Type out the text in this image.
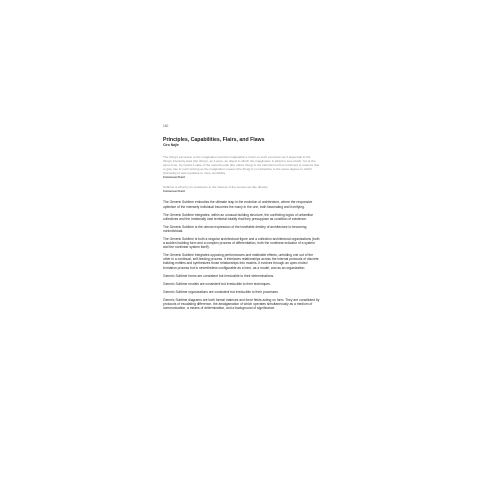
140
Principles, Capabilities, Flairs, and Flaws

Ciro Najle

The thing's excursion to the imagination and the imagination's return to such excursion as if aspectual to the thing's interiority lead (the thing's, as it were, an object in which the imagination is afraid to lose itself). Yet at the same time, for nature's sake of the experimental (the native thing) is not transformed but combined to reasons due to give rise to such striving as the imagination means (the thing) is not attractive to the same degree to which (humanity) it was repulsive to mere sensibility.

Immanuel Kant

Sublime is what by its resistance to the interest of the senses we like directly.

Immanuel Kant

The Generic Sublime embodies the ultimate leap in the evolution of architecture, where the responsive optimism of the intensely individual becomes the many in the one, both fascinating and horrifying.

The Generic Sublime integrates, within an unusual building structure, the conflicting logics of unfamiliar collectives and the irrationally vast territorial totality that they presuppose as condition of existence.

The Generic Sublime is the utmost expression of the inevitable destiny of architecture to becoming nonindividual.

The Generic Sublime is both a singular architectural figure and a collection architectural organizations (both a sudden building form and a complex process of differentiation, both the nonlinear indicator of a system and the nonlinear system itself).

The Generic Sublime integrates opposing performances and malleable effects, unfolding one out of the other in a continual, self-feeding process. It interlaces relationships across the internal protocols of discrete building entities and synthesizes those relationships into models. It evolves through an open-ended formation process but is nevertheless configurable as a form, as a model, and as an organization.

Generic Sublime forms are consistent but irreducible to their determinations.

Generic Sublime models are consistent but irreducible to their techniques.

Generic Sublime organizations are consistent but irreducible to their processes.

Generic Sublime diagrams are both formal matrices and force fields acting on form. They are constituted by protocols of escalating difference, the amalgamation of which operates simultaneously as a medium of communication, a means of determination, and a background of significance.
